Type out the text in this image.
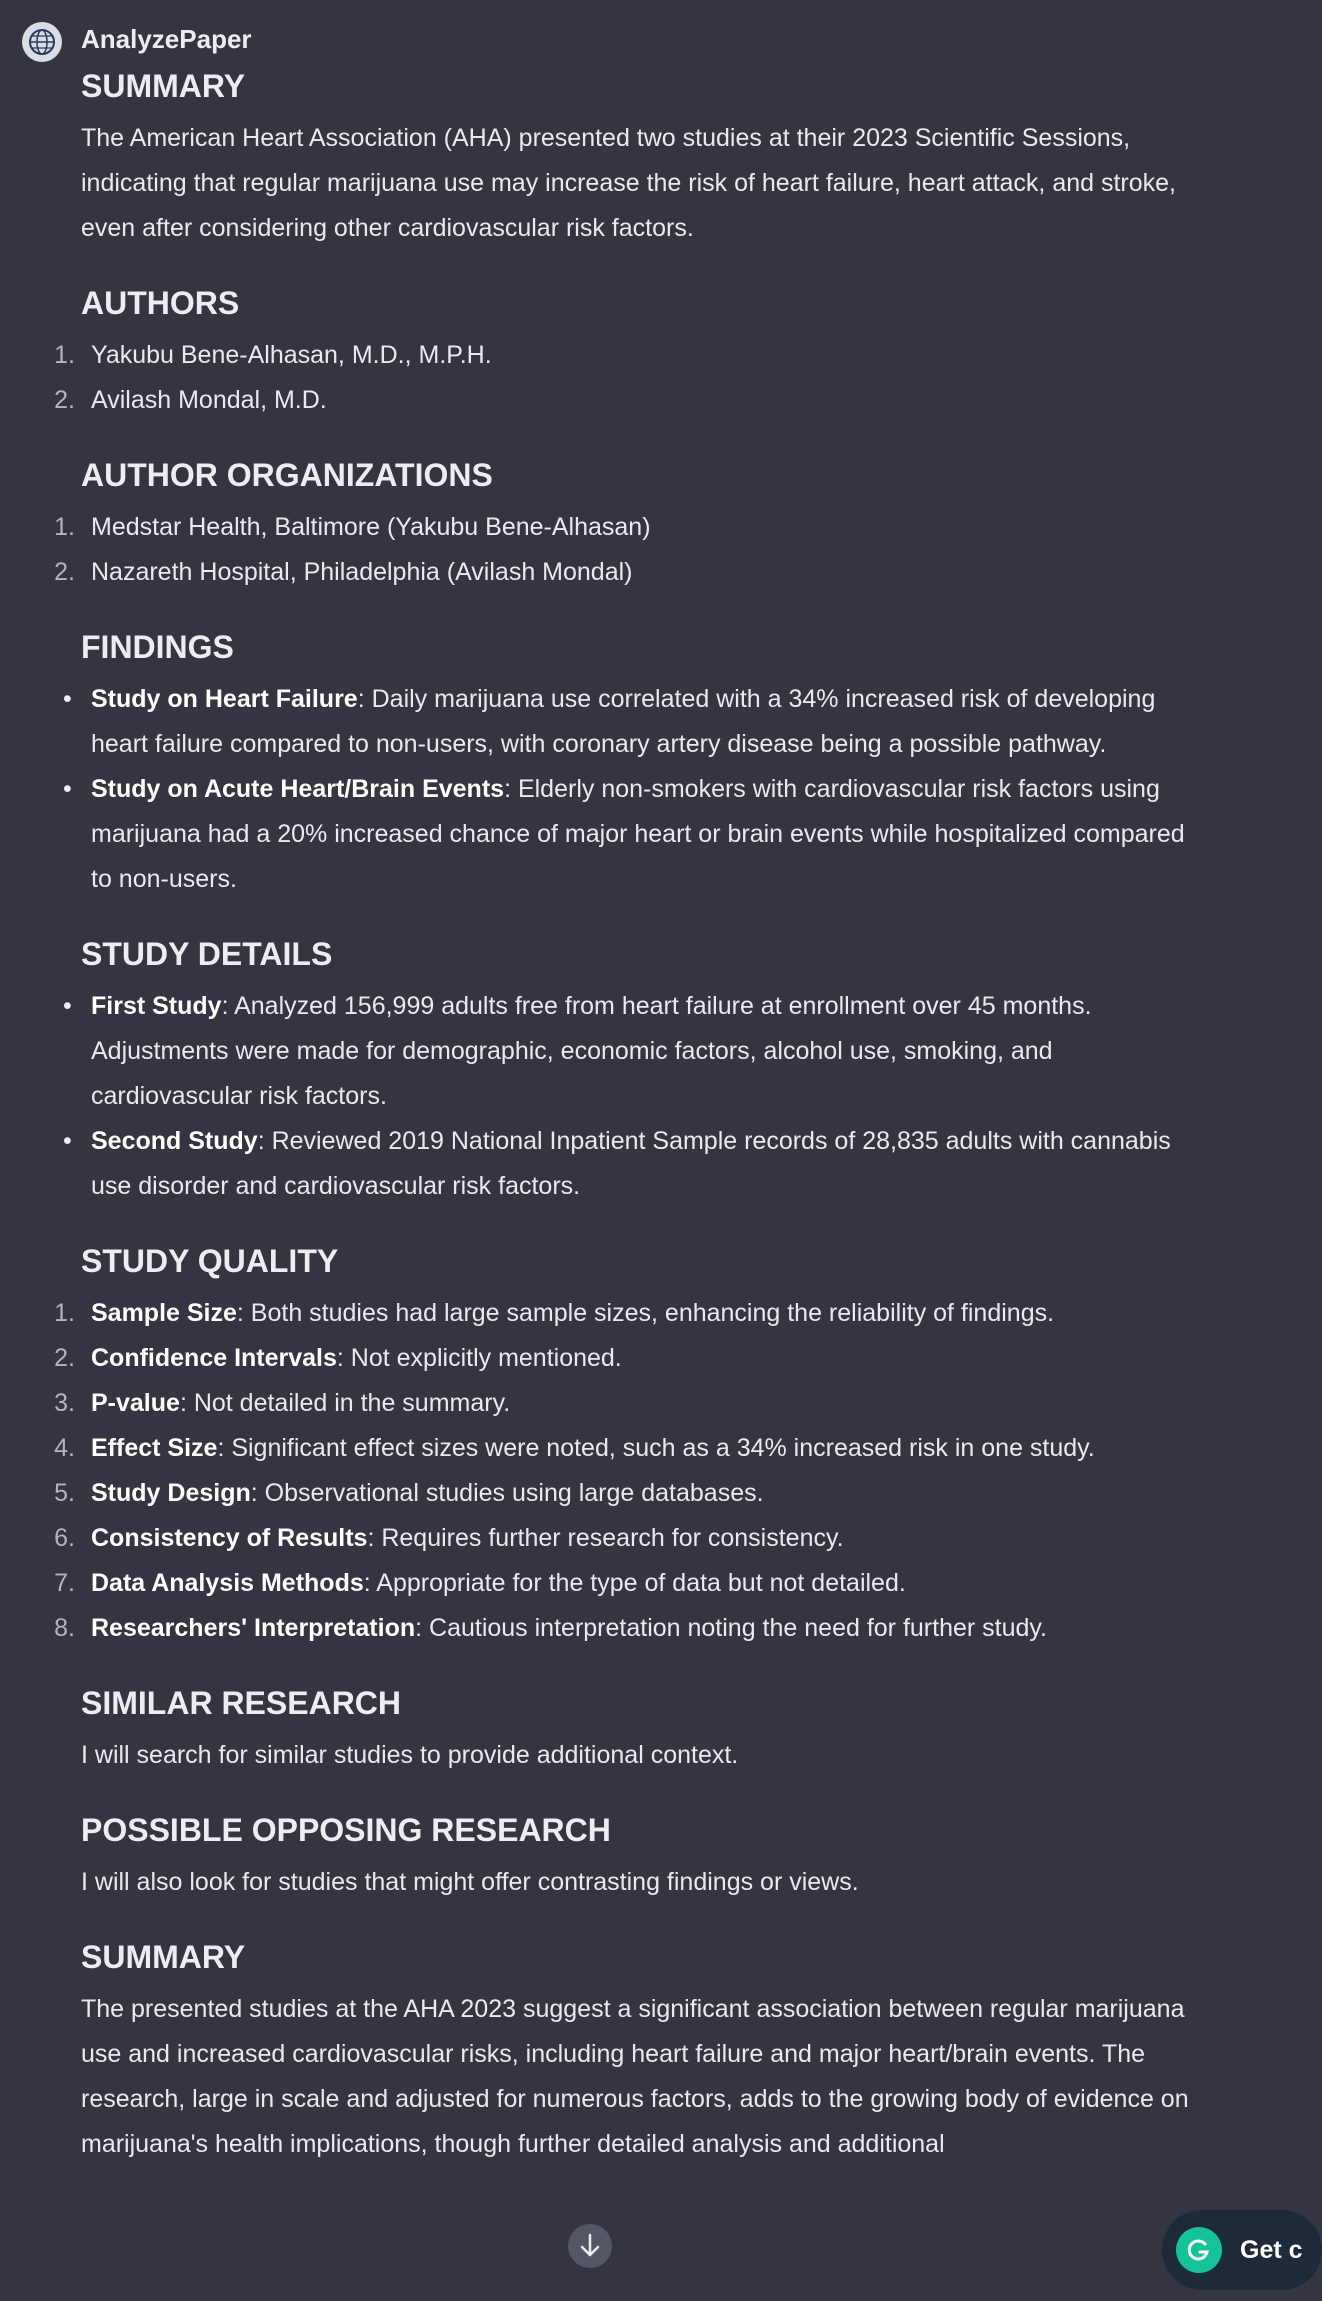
AnalyzePaper
SUMMARY

The American Heart Association (AHA) presented two studies at their 2023 Scientific Sessions, indicating that regular marijuana use may increase the risk of heart failure, heart attack, and stroke, even after considering other cardiovascular risk factors.

AUTHORS
1. Yakubu Bene-Alhasan, M.D., M.P.H.
2. Avilash Mondal, M.D.
AUTHOR ORGANIZATIONS
1. Medstar Health, Baltimore (Yakubu Bene-Alhasan)
2. Nazareth Hospital, Philadelphia (Avilash Mondal)
FINDINGS
• Study on Heart Failure: Daily marijuana use correlated with a 34% increased risk of developing heart failure compared to non-users, with coronary artery disease being a possible pathway.
• Study on Acute Heart/Brain Events: Elderly non-smokers with cardiovascular risk factors using marijuana had a 20% increased chance of major heart or brain events while hospitalized compared to non-users.
STUDY DETAILS
• First Study: Analyzed 156,999 adults free from heart failure at enrollment over 45 months. Adjustments were made for demographic, economic factors, alcohol use, smoking, and cardiovascular risk factors.
• Second Study: Reviewed 2019 National Inpatient Sample records of 28,835 adults with cannabis use disorder and cardiovascular risk factors.
STUDY QUALITY
1. Sample Size: Both studies had large sample sizes, enhancing the reliability of findings.
2. Confidence Intervals: Not explicitly mentioned.
3. P-value: Not detailed in the summary.
4. Effect Size: Significant effect sizes were noted, such as a 34% increased risk in one study.
5. Study Design: Observational studies using large databases.
6. Consistency of Results: Requires further research for consistency.
7. Data Analysis Methods: Appropriate for the type of data but not detailed.
8. Researchers' Interpretation: Cautious interpretation noting the need for further study.
SIMILAR RESEARCH

I will search for similar studies to provide additional context.

POSSIBLE OPPOSING RESEARCH

I will also look for studies that might offer contrasting findings or views.

SUMMARY

The presented studies at the AHA 2023 suggest a significant association between regular marijuana use and increased cardiovascular risks, including heart failure and major heart/brain events. The research, large in scale and adjusted for numerous factors, adds to the growing body of evidence on marijuana's health implications, though further detailed analysis and additional

Get c
